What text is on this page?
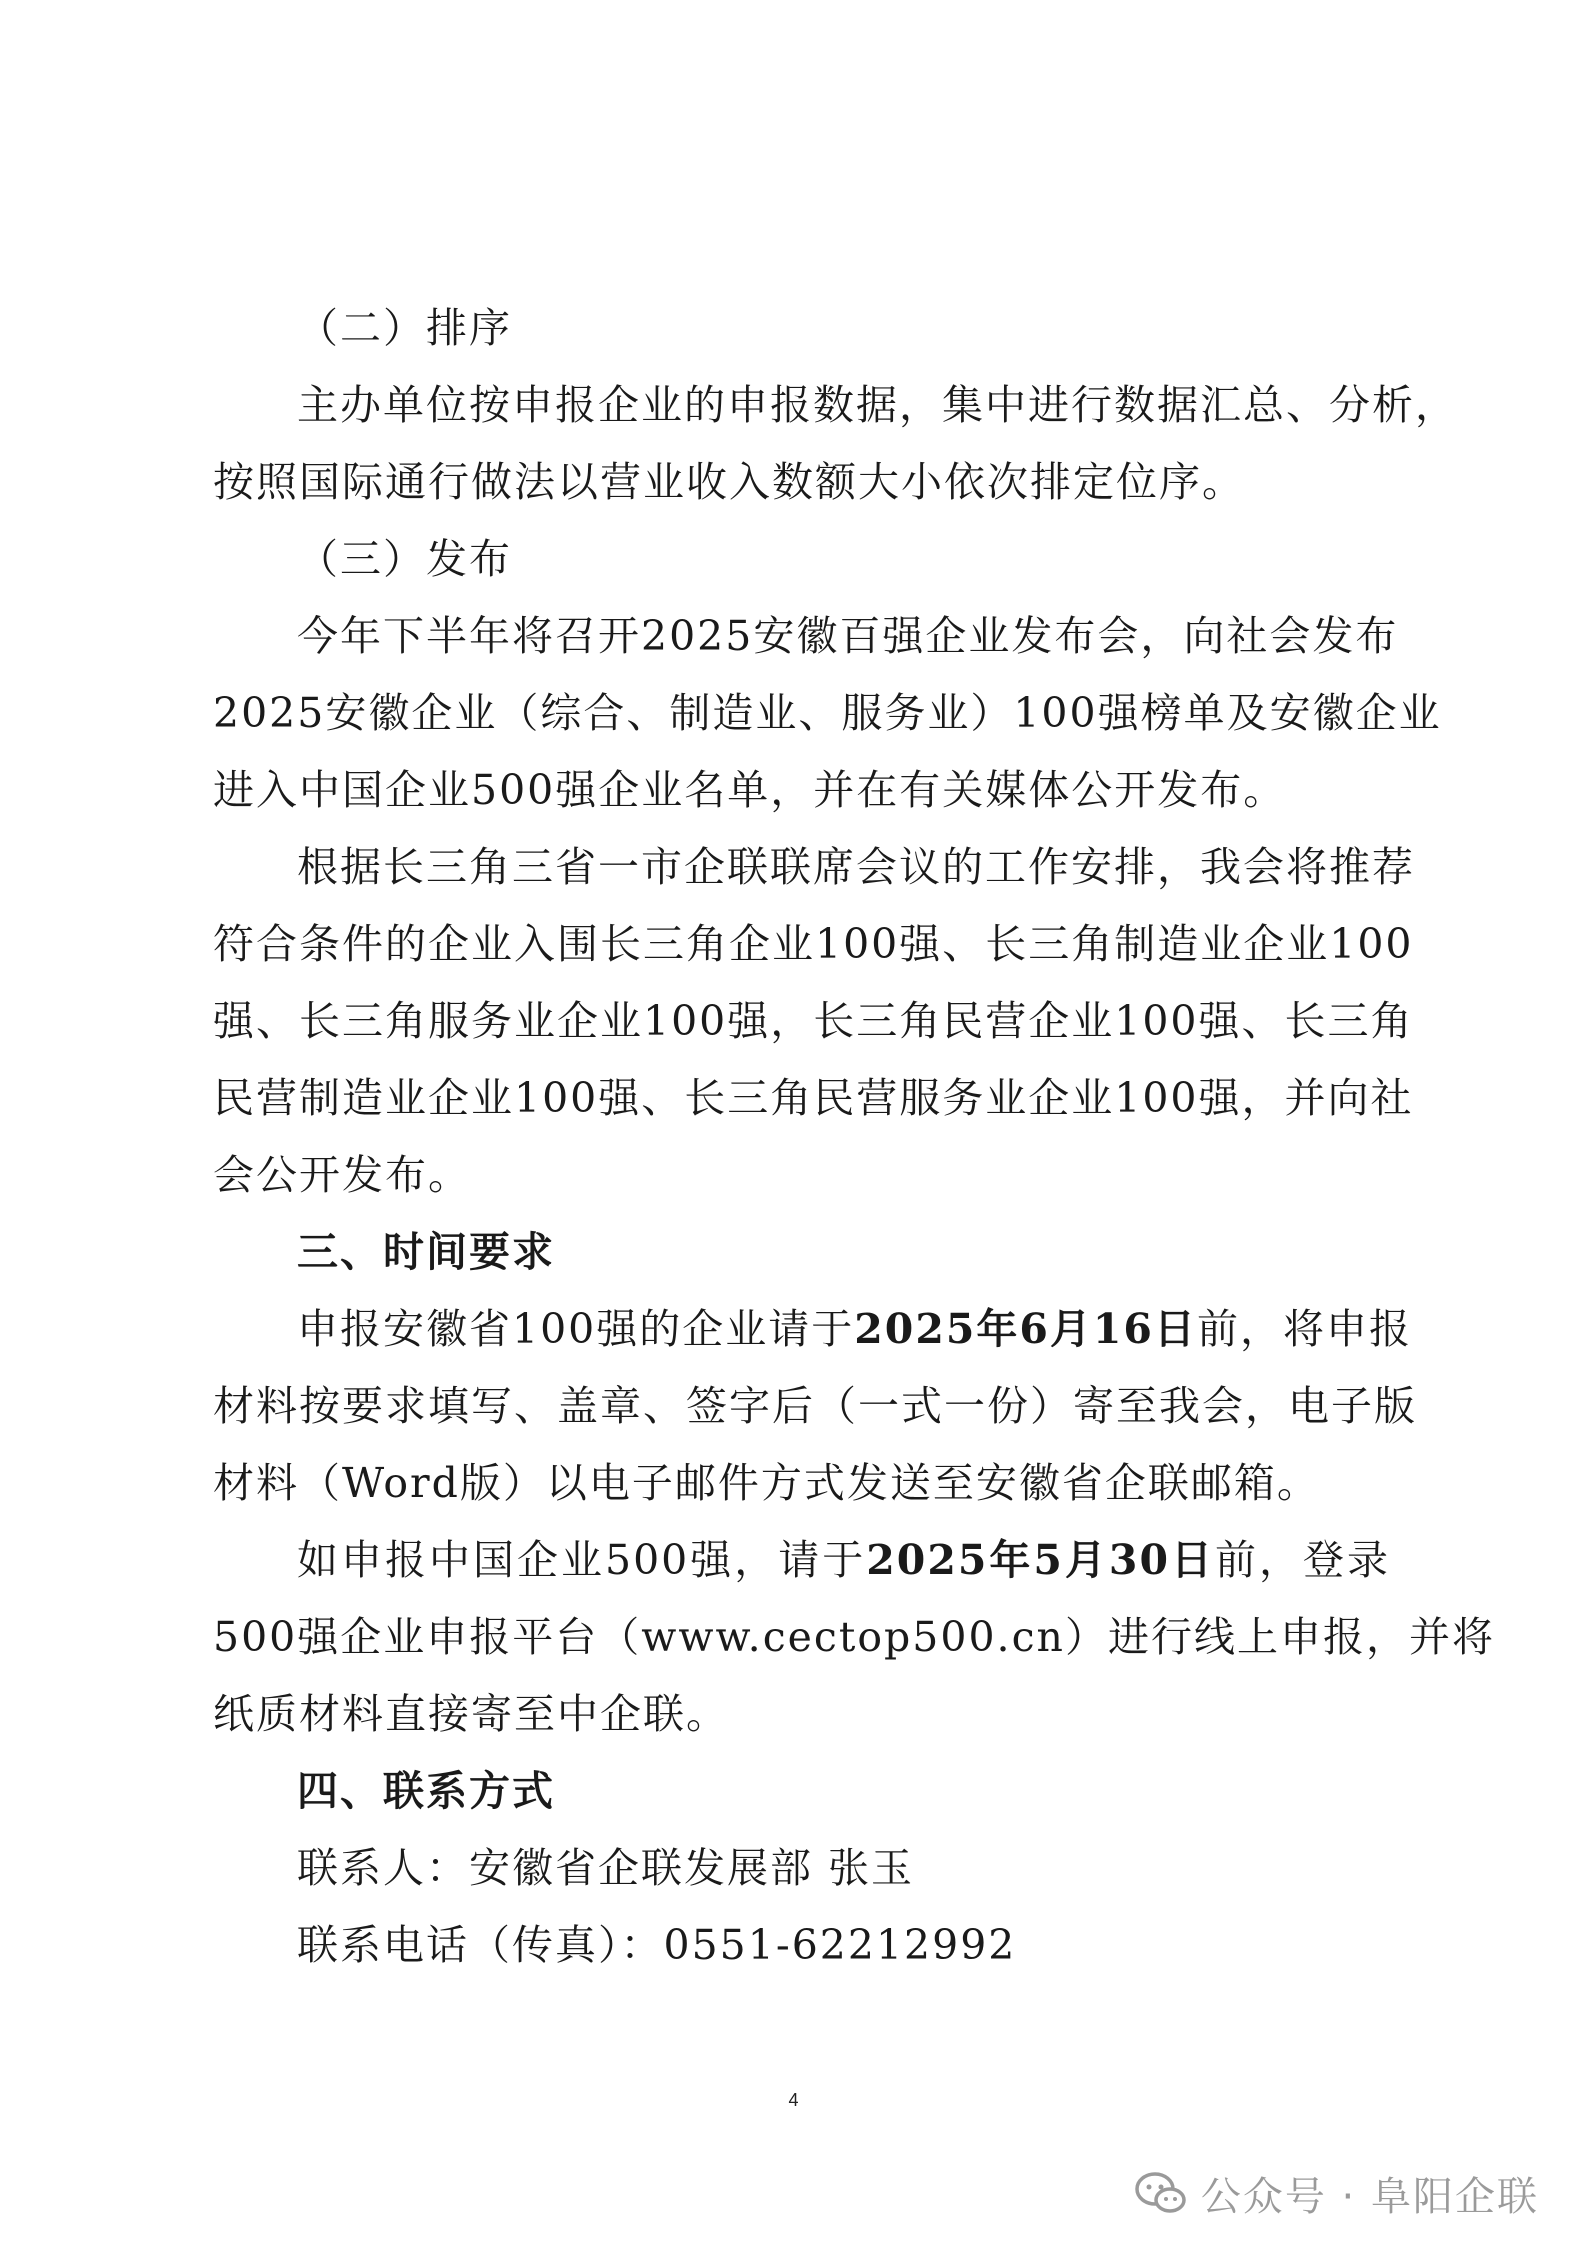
（二）排序
主办单位按申报企业的申报数据，集中进行数据汇总、分析，
按照国际通行做法以营业收入数额大小依次排定位序。
（三）发布
今年下半年将召开2025安徽百强企业发布会，向社会发布
2025安徽企业（综合、制造业、服务业）100强榜单及安徽企业
进入中国企业500强企业名单，并在有关媒体公开发布。
根据长三角三省一市企联联席会议的工作安排，我会将推荐
符合条件的企业入围长三角企业100强、长三角制造业企业100
强、长三角服务业企业100强，长三角民营企业100强、长三角
民营制造业企业100强、长三角民营服务业企业100强，并向社
会公开发布。
三、时间要求
申报安徽省100强的企业请于2025年6月16日前，将申报
材料按要求填写、盖章、签字后（一式一份）寄至我会，电子版
材料（Word版）以电子邮件方式发送至安徽省企联邮箱。
如申报中国企业500强，请于2025年5月30日前，登录
500强企业申报平台（www.cectop500.cn）进行线上申报，并将
纸质材料直接寄至中企联。
四、联系方式
联系人：安徽省企联发展部 张玉
联系电话（传真）：0551-62212992
4
公众号 · 阜阳企联
